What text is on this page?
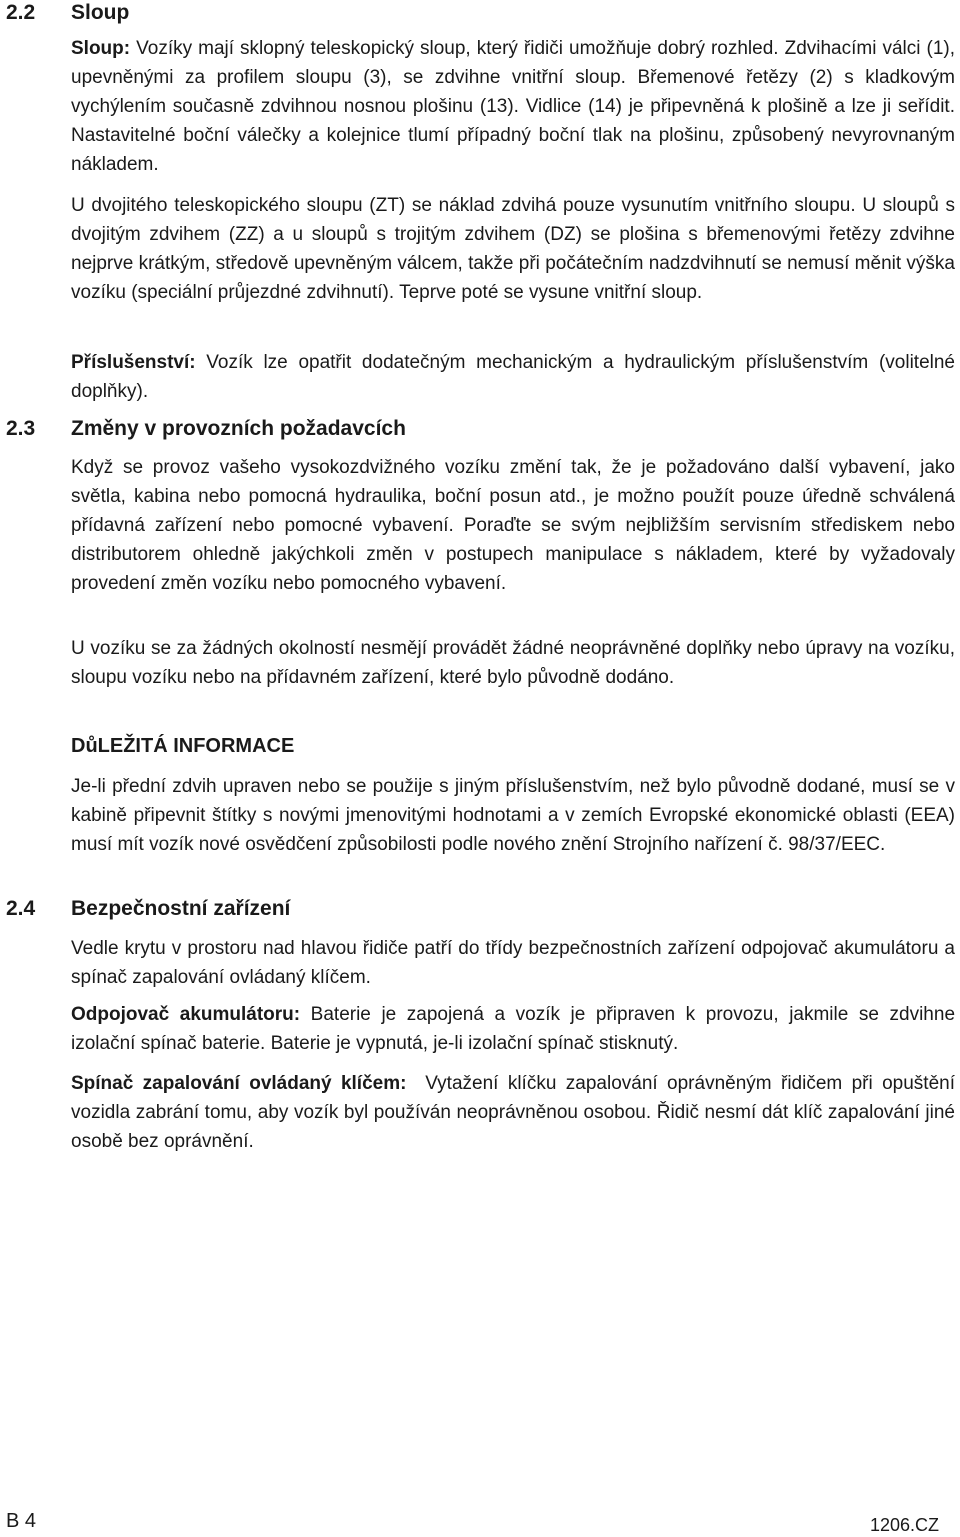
2.2 Sloup
Sloup: Vozíky mají sklopný teleskopický sloup, který řidiči umožňuje dobrý rozhled. Zdvihacími válci (1), upevněnými za profilem sloupu (3), se zdvihne vnitřní sloup. Břemenové řetězy (2) s kladkovým vychýlením současně zdvihnou nosnou plošinu (13). Vidlice (14) je připevněná k plošině a lze ji seřídit. Nastavitelné boční válečky a kolejnice tlumí případný boční tlak na plošinu, způsobený nevyrovnaným nákladem.
U dvojitého teleskopického sloupu (ZT) se náklad zdvihá pouze vysunutím vnitřního sloupu. U sloupů s dvojitým zdvihem (ZZ) a u sloupů s trojitým zdvihem (DZ) se plošina s břemenovými řetězy zdvihne nejprve krátkým, středově upevněným válcem, takže při počátečním nadzdvihnutí se nemusí měnit výška vozíku (speciální průjezdné zdvihnutí). Teprve poté se vysune vnitřní sloup.
Příslušenství: Vozík lze opatřit dodatečným mechanickým a hydraulickým příslušenstvím (volitelné doplňky).
2.3 Změny v provozních požadavcích
Když se provoz vašeho vysokozdvižného vozíku změní tak, že je požadováno další vybavení, jako světla, kabina nebo pomocná hydraulika, boční posun atd., je možno použít pouze úředně schválená přídavná zařízení nebo pomocné vybavení. Poraďte se svým nejbližším servisním střediskem nebo distributorem ohledně jakýchkoli změn v postupech manipulace s nákladem, které by vyžadovaly provedení změn vozíku nebo pomocného vybavení.
U vozíku se za žádných okolností nesmějí provádět žádné neoprávněné doplňky nebo úpravy na vozíku, sloupu vozíku nebo na přídavném zařízení, které bylo původně dodáno.
DůLEŽITÁ INFORMACE
Je-li přední zdvih upraven nebo se použije s jiným příslušenstvím, než bylo původně dodané, musí se v kabině připevnit štítky s novými jmenovitými hodnotami a v zemích Evropské ekonomické oblasti (EEA) musí mít vozík nové osvědčení způsobilosti podle nového znění Strojního nařízení č. 98/37/EEC.
2.4 Bezpečnostní zařízení
Vedle krytu v prostoru nad hlavou řidiče patří do třídy bezpečnostních zařízení odpojovač akumulátoru a spínač zapalování ovládaný klíčem.
Odpojovač akumulátoru: Baterie je zapojená a vozík je připraven k provozu, jakmile se zdvihne izolační spínač baterie. Baterie je vypnutá, je-li izolační spínač stisknutý.
Spínač zapalování ovládaný klíčem:  Vytažení klíčku zapalování oprávněným řidičem při opuštění vozidla zabrání tomu, aby vozík byl používán neoprávněnou osobou. Řidič nesmí dát klíč zapalování jiné osobě bez oprávnění.
B 4	1206.CZ
